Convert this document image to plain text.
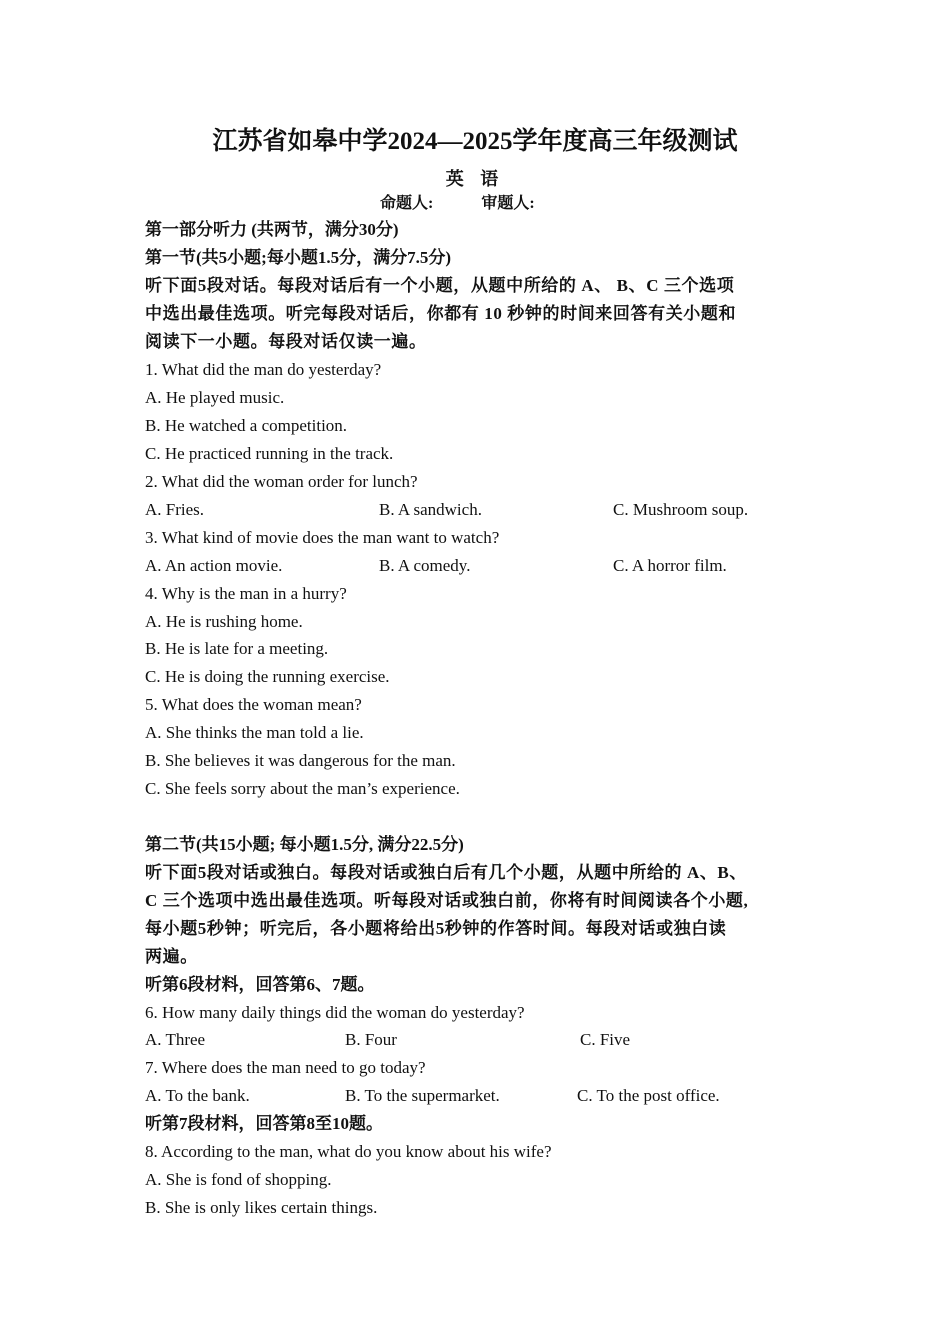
江苏省如皋中学2024—2025学年度高三年级测试
英 语
命题人:	审题人:
第一部分听力 (共两节，满分30分)
第一节(共5小题;每小题1.5分，满分7.5分)
听下面5段对话。每段对话后有一个小题，从题中所给的 A、 B、C 三个选项
中选出最佳选项。听完每段对话后，你都有 10 秒钟的时间来回答有关小题和
阅读下一小题。每段对话仅读一遍。
1. What did the man do yesterday?
A. He played music.
B. He watched a competition.
C. He practiced running in the track.
2. What did the woman order for lunch?
A. Fries.	B. A sandwich.	C. Mushroom soup.
3. What kind of movie does the man want to watch?
A. An action movie.	B. A comedy.	C. A horror film.
4. Why is the man in a hurry?
A. He is rushing home.
B. He is late for a meeting.
C. He is doing the running exercise.
5. What does the woman mean?
A. She thinks the man told a lie.
B. She believes it was dangerous for the man.
C. She feels sorry about the man’s experience.
第二节(共15小题; 每小题1.5分, 满分22.5分)
听下面5段对话或独白。每段对话或独白后有几个小题，从题中所给的 A、B、
C 三个选项中选出最佳选项。听每段对话或独白前，你将有时间阅读各个小题,
每小题5秒钟；听完后，各小题将给出5秒钟的作答时间。每段对话或独白读
两遍。
听第6段材料，回答第6、7题。
6. How many daily things did the woman do yesterday?
A. Three	B. Four	C. Five
7. Where does the man need to go today?
A. To the bank.	B. To the supermarket.	C. To the post office.
听第7段材料，回答第8至10题。
8. According to the man, what do you know about his wife?
A. She is fond of shopping.
B. She is only likes certain things.
